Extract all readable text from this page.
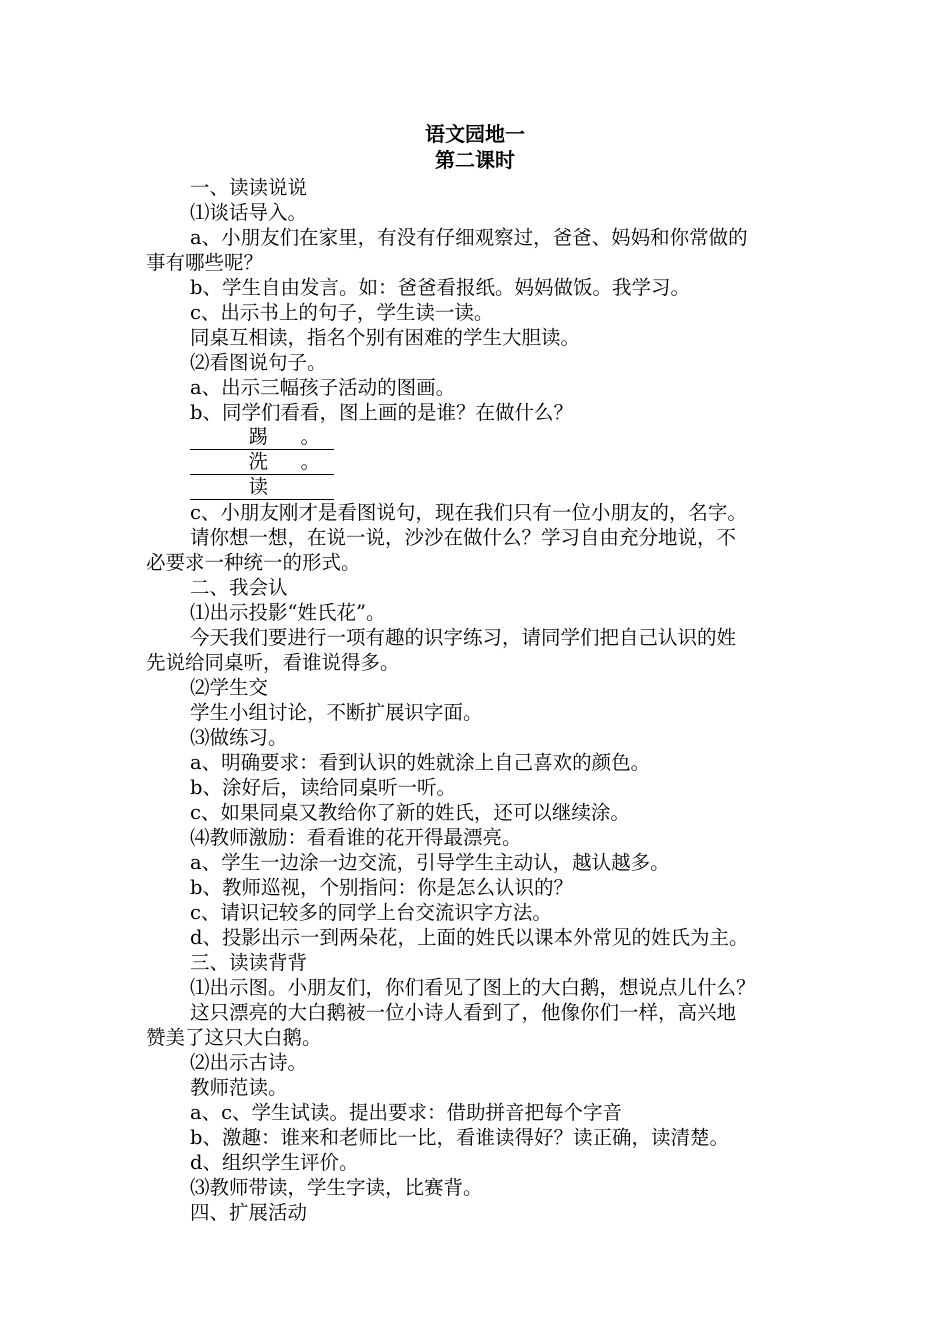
语文园地一
第二课时
一、读读说说
⑴谈话导入。
a、小朋友们在家里，有没有仔细观察过，爸爸、妈妈和你常做的
事有哪些呢？
b、学生自由发言。如：爸爸看报纸。妈妈做饭。我学习。
c、出示书上的句子，学生读一读。
同桌互相读，指名个别有困难的学生大胆读。
⑵看图说句子。
a、出示三幅孩子活动的图画。
b、同学们看看，图上画的是谁？在做什么？
踢 。
洗 。
读
c、小朋友刚才是看图说句，现在我们只有一位小朋友的，名字。
请你想一想，在说一说，沙沙在做什么？学习自由充分地说，不
必要求一种统一的形式。
二、我会认
⑴出示投影“姓氏花”。
今天我们要进行一项有趣的识字练习，请同学们把自己认识的姓
先说给同桌听，看谁说得多。
⑵学生交
学生小组讨论，不断扩展识字面。
⑶做练习。
a、明确要求：看到认识的姓就涂上自己喜欢的颜色。
b、涂好后，读给同桌听一听。
c、如果同桌又教给你了新的姓氏，还可以继续涂。
⑷教师激励：看看谁的花开得最漂亮。
a、学生一边涂一边交流，引导学生主动认，越认越多。
b、教师巡视，个别指问：你是怎么认识的？
c、请识记较多的同学上台交流识字方法。
d、投影出示一到两朵花，上面的姓氏以课本外常见的姓氏为主。
三、读读背背
⑴出示图。小朋友们，你们看见了图上的大白鹅，想说点儿什么？
这只漂亮的大白鹅被一位小诗人看到了，他像你们一样，高兴地
赞美了这只大白鹅。
⑵出示古诗。
教师范读。
a、c、学生试读。提出要求：借助拼音把每个字音
b、激趣：谁来和老师比一比，看谁读得好？读正确，读清楚。
d、组织学生评价。
⑶教师带读，学生字读，比赛背。
四、扩展活动
